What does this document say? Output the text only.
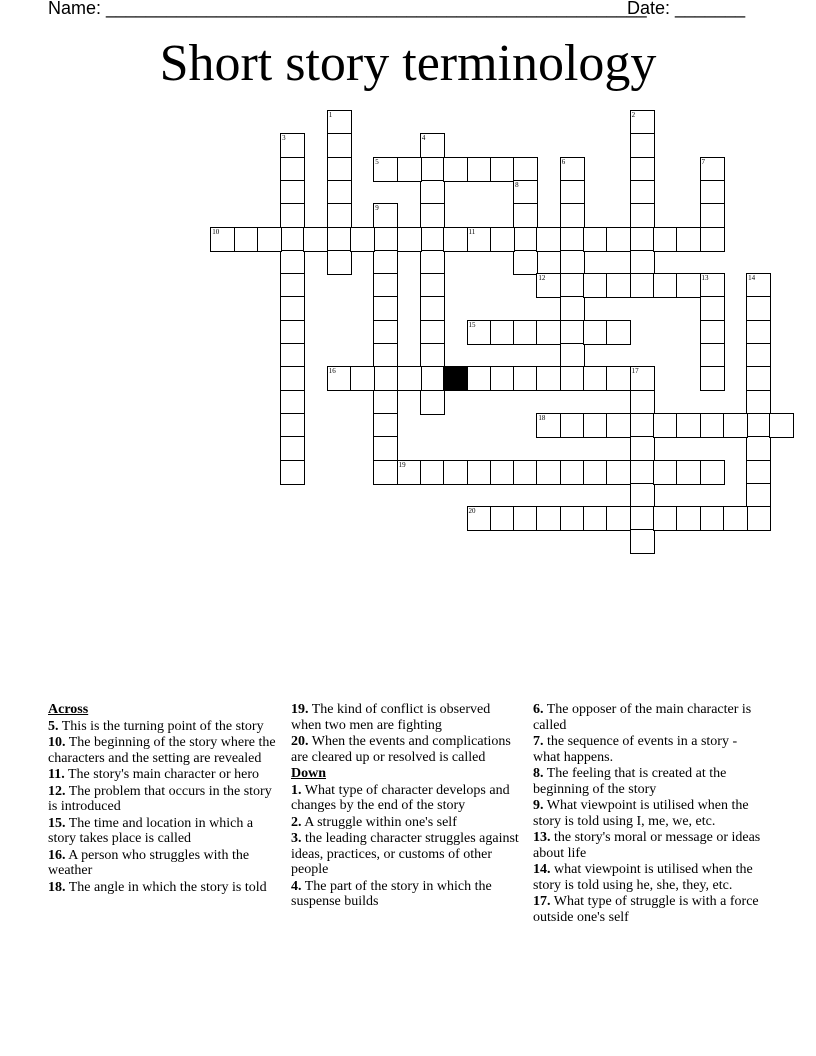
Name: ______________________________________________________
Date: _______
Short story terminology
1	2
3	4
5	6	7
8
9
10	11
12	13	14
15
16	17
18
19
20
Across
5. This is the turning point of the story
10. The beginning of the story where the characters and the setting are revealed
11. The story's main character or hero
12. The problem that occurs in the story is introduced
15. The time and location in which a story takes place is called
16. A person who struggles with the weather
18. The angle in which the story is told
19. The kind of conflict is observed when two men are fighting
20. When the events and complications are cleared up or resolved is called
Down
1. What type of character develops and changes by the end of the story
2. A struggle within one's self
3. the leading character struggles against ideas, practices, or customs of other people
4. The part of the story in which the suspense builds
6. The opposer of the main character is called
7. the sequence of events in a story - what happens.
8. The feeling that is created at the beginning of the story
9. What viewpoint is utilised when the story is told using I, me, we, etc.
13. the story's moral or message or ideas about life
14. what viewpoint is utilised when the story is told using he, she, they, etc.
17. What type of struggle is with a force outside one's self
